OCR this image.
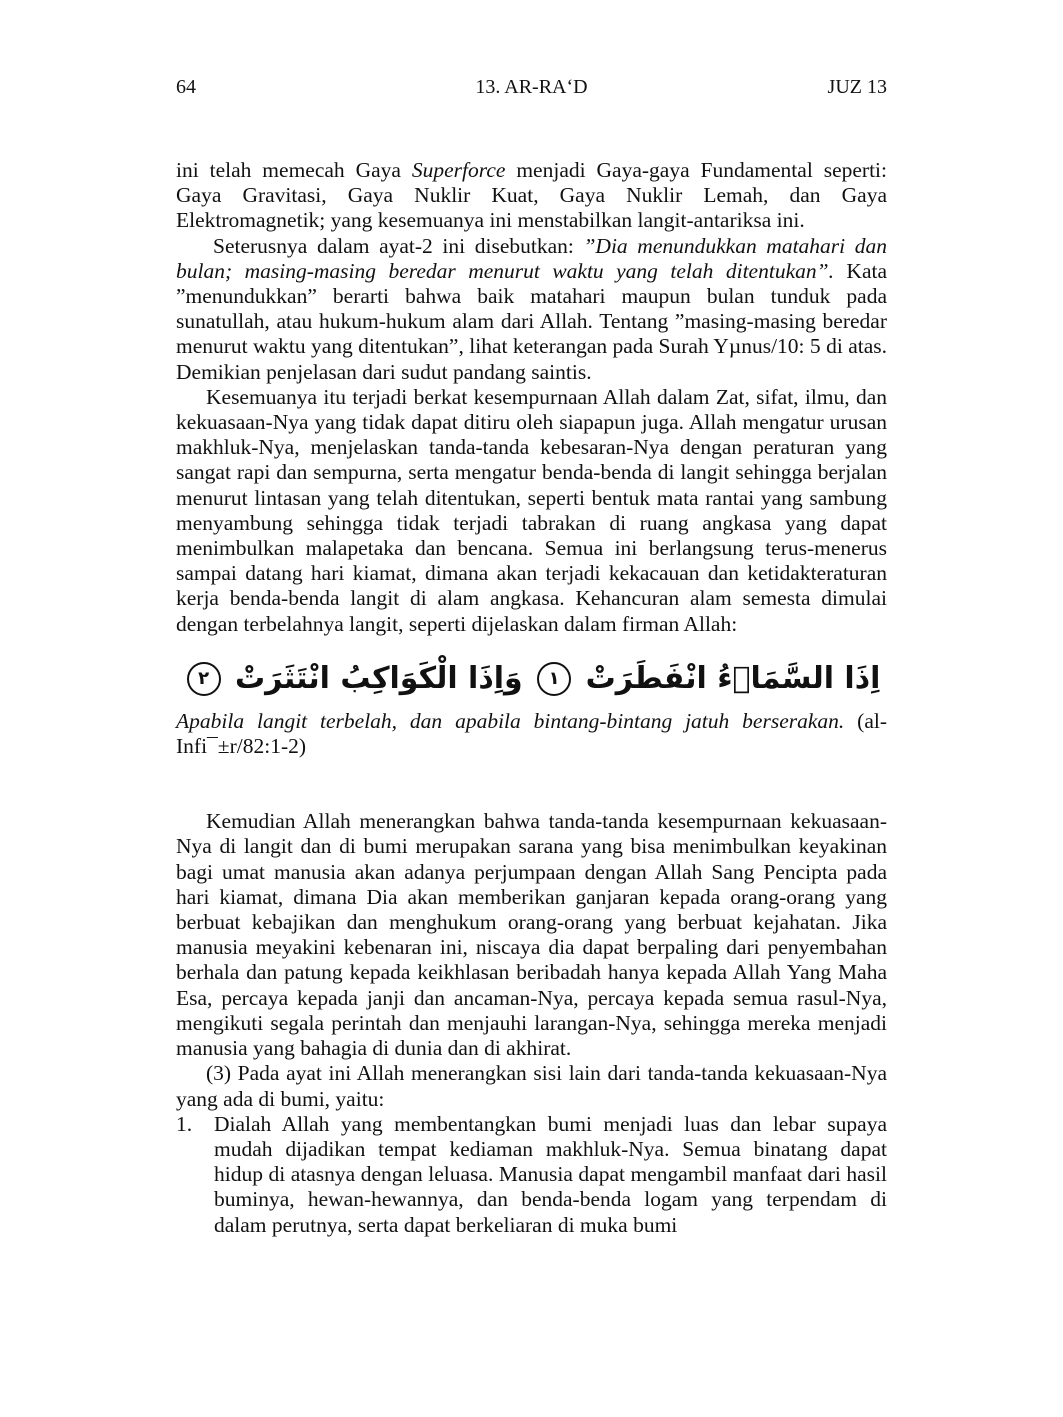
64	13. AR-RA‘D	JUZ 13

ini telah memecah Gaya Superforce menjadi Gaya-gaya Fundamental seperti: Gaya Gravitasi, Gaya Nuklir Kuat, Gaya Nuklir Lemah, dan Gaya Elektromagnetik; yang kesemuanya ini menstabilkan langit-antariksa ini.

Seterusnya dalam ayat-2 ini disebutkan: ”Dia menundukkan matahari dan bulan; masing-masing beredar menurut waktu yang telah ditentukan”. Kata ”menundukkan” berarti bahwa baik matahari maupun bulan tunduk pada sunatullah, atau hukum-hukum alam dari Allah. Tentang ”masing-masing beredar menurut waktu yang ditentukan”, lihat keterangan pada Surah Yµnus/10: 5 di atas. Demikian penjelasan dari sudut pandang saintis.

Kesemuanya itu terjadi berkat kesempurnaan Allah dalam Zat, sifat, ilmu, dan kekuasaan-Nya yang tidak dapat ditiru oleh siapapun juga. Allah mengatur urusan makhluk-Nya, menjelaskan tanda-tanda kebesaran-Nya dengan peraturan yang sangat rapi dan sempurna, serta mengatur benda-benda di langit sehingga berjalan menurut lintasan yang telah ditentukan, seperti bentuk mata rantai yang sambung menyambung sehingga tidak terjadi tabrakan di ruang angkasa yang dapat menimbulkan malapetaka dan bencana. Semua ini berlangsung terus-menerus sampai datang hari kiamat, dimana akan terjadi kekacauan dan ketidakteraturan kerja benda-benda langit di alam angkasa. Kehancuran alam semesta dimulai dengan terbelahnya langit, seperti dijelaskan dalam firman Allah:

اِذَا السَّمَاۤءُ انْفَطَرَتْ ١ وَاِذَا الْكَوَاكِبُ انْتَثَرَتْ ٢

Apabila langit terbelah, dan apabila bintang-bintang jatuh berserakan. (al-Infi¯±r/82:1-2)

Kemudian Allah menerangkan bahwa tanda-tanda kesempurnaan kekuasaan-Nya di langit dan di bumi merupakan sarana yang bisa menimbulkan keyakinan bagi umat manusia akan adanya perjumpaan dengan Allah Sang Pencipta pada hari kiamat, dimana Dia akan memberikan ganjaran kepada orang-orang yang berbuat kebajikan dan menghukum orang-orang yang berbuat kejahatan. Jika manusia meyakini kebenaran ini, niscaya dia dapat berpaling dari penyembahan berhala dan patung kepada keikhlasan beribadah hanya kepada Allah Yang Maha Esa, percaya kepada janji dan ancaman-Nya, percaya kepada semua rasul-Nya, mengikuti segala perintah dan menjauhi larangan-Nya, sehingga mereka menjadi manusia yang bahagia di dunia dan di akhirat.

(3) Pada ayat ini Allah menerangkan sisi lain dari tanda-tanda kekuasaan-Nya yang ada di bumi, yaitu:

1. Dialah Allah yang membentangkan bumi menjadi luas dan lebar supaya mudah dijadikan tempat kediaman makhluk-Nya. Semua binatang dapat hidup di atasnya dengan leluasa. Manusia dapat mengambil manfaat dari hasil buminya, hewan-hewannya, dan benda-benda logam yang terpendam di dalam perutnya, serta dapat berkeliaran di muka bumi
